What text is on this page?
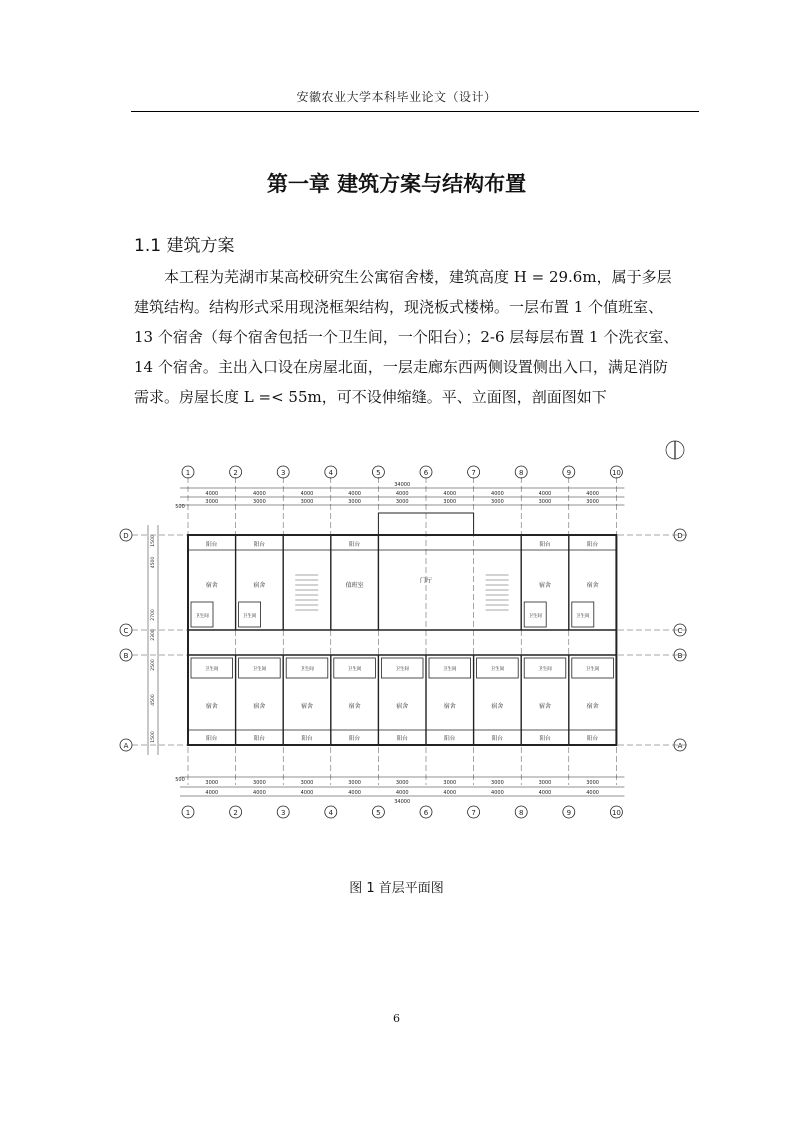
安徽农业大学本科毕业论文（设计）
第一章 建筑方案与结构布置
1.1 建筑方案

本工程为芜湖市某高校研究生公寓宿舍楼，建筑高度 H = 29.6m，属于多层

建筑结构。结构形式采用现浇框架结构，现浇板式楼梯。一层布置 1 个值班室、

13 个宿舍（每个宿舍包括一个卫生间，一个阳台）；2-6 层每层布置 1 个洗衣室、

14 个宿舍。主出入口设在房屋北面，一层走廊东西两侧设置侧出入口，满足消防

需求。房屋长度 L =< 55m，可不设伸缩缝。平、立面图，剖面图如下

1
1
2
2
3
3
4
4
5
5
6
6
7
7
8
8
9
9
10
10
D	D
C	C
B	B
A	A
34000
4000
3000
4000
3000
4000
3000
4000
3000
4000
3000
4000
3000
4000
3000
4000
3000
4000
3000
500
3000
4000
3000
4000
3000
4000
3000
4000
3000
4000
3000
4000
3000
4000
3000
4000
3000
4000
34000
500
1500
4500
2700
2300
2500
4500
1500
阳台
宿舍
卫生间
阳台
宿舍
卫生间
阳台
值班室
门厅
阳台
宿舍
卫生间
阳台
宿舍
卫生间
卫生间
宿舍
阳台
卫生间
宿舍
阳台
卫生间
宿舍
阳台
卫生间
宿舍
阳台
卫生间
宿舍
阳台
卫生间
宿舍
阳台
卫生间
宿舍
阳台
卫生间
宿舍
阳台
卫生间
宿舍
阳台
图 1 首层平面图
6
